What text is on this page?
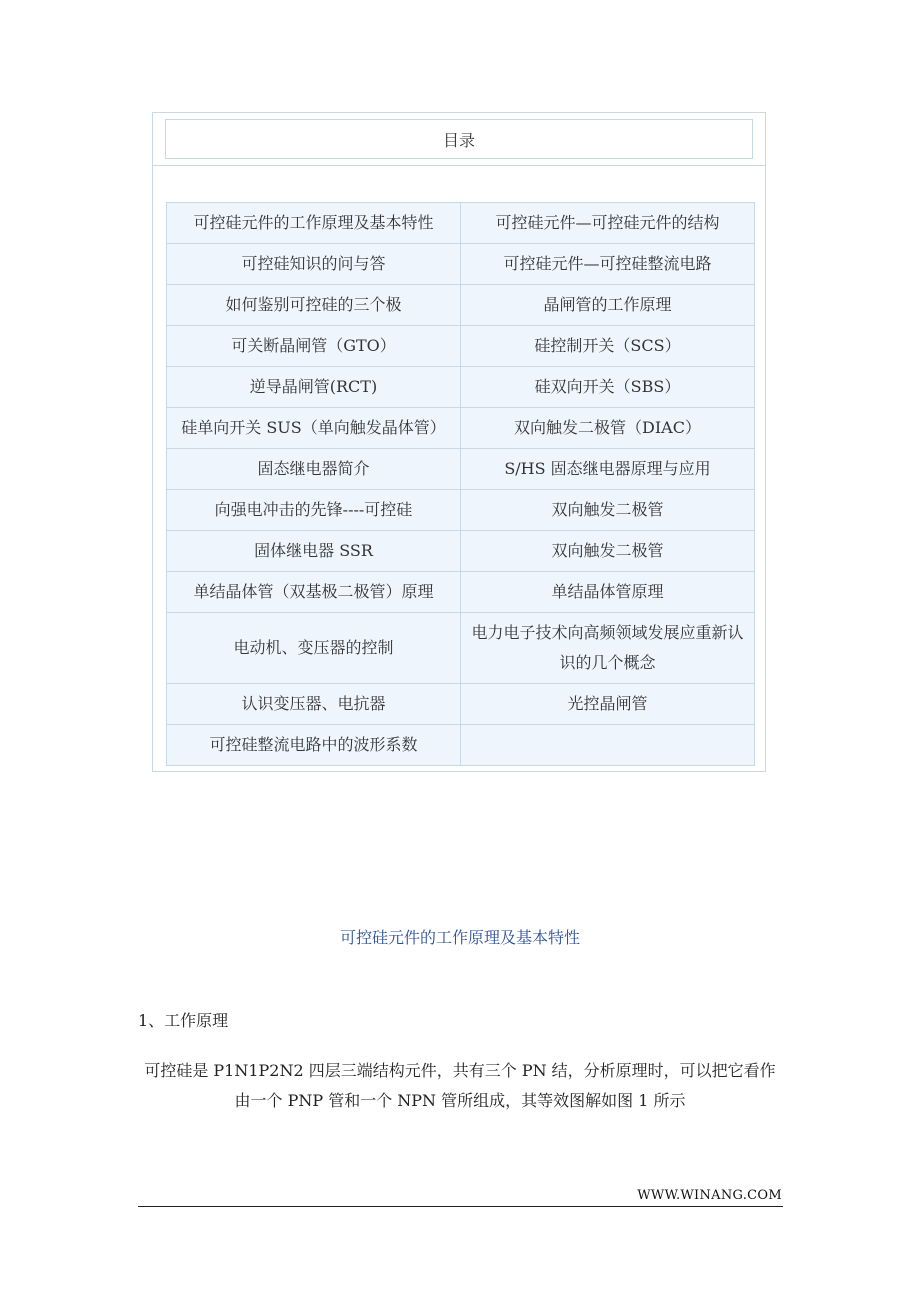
目录
可控硅元件的工作原理及基本特性	可控硅元件—可控硅元件的结构
可控硅知识的问与答	可控硅元件—可控硅整流电路
如何鉴别可控硅的三个极	晶闸管的工作原理
可关断晶闸管（GTO）	硅控制开关（SCS）
逆导晶闸管(RCT)	硅双向开关（SBS）
硅单向开关 SUS（单向触发晶体管）	双向触发二极管（DIAC）
固态继电器简介	S/HS 固态继电器原理与应用
向强电冲击的先锋----可控硅	双向触发二极管
固体继电器 SSR	双向触发二极管
单结晶体管（双基极二极管）原理	单结晶体管原理
电动机、变压器的控制	电力电子技术向高频领域发展应重新认识的几个概念
认识变压器、电抗器	光控晶闸管
可控硅整流电路中的波形系数	
可控硅元件的工作原理及基本特性
1、工作原理
可控硅是 P1N1P2N2 四层三端结构元件，共有三个 PN 结，分析原理时，可以把它看作由一个 PNP 管和一个 NPN 管所组成，其等效图解如图 1 所示
WWW.WINANG.COM
